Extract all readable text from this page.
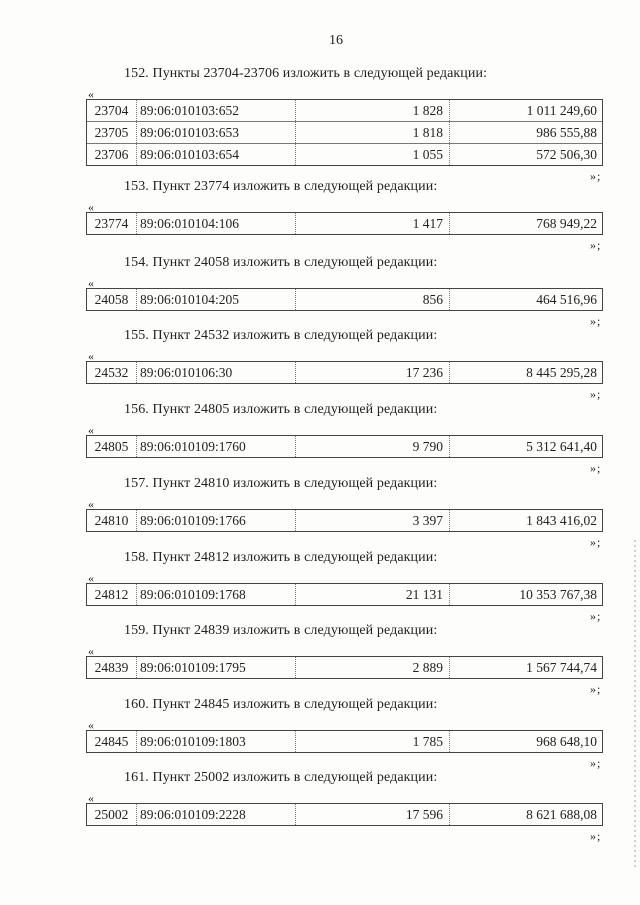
16
152. Пункты 23704-23706 изложить в следующей редакции:
«
23704 89:06:010103:652	1 828	1 011 249,60
23705 89:06:010103:653	1 818	986 555,88
23706 89:06:010103:654	1 055	572 506,30
»;
153. Пункт 23774 изложить в следующей редакции:
«
23774 89:06:010104:106	1 417	768 949,22
»;
154. Пункт 24058 изложить в следующей редакции:
«
24058 89:06:010104:205	856	464 516,96
»;
155. Пункт 24532 изложить в следующей редакции:
«
24532 89:06:010106:30	17 236	8 445 295,28
»;
156. Пункт 24805 изложить в следующей редакции:
«
24805 89:06:010109:1760	9 790	5 312 641,40
»;
157. Пункт 24810 изложить в следующей редакции:
«
24810 89:06:010109:1766	3 397	1 843 416,02
»;
158. Пункт 24812 изложить в следующей редакции:
«
24812 89:06:010109:1768	21 131	10 353 767,38
»;
159. Пункт 24839 изложить в следующей редакции:
«
24839 89:06:010109:1795	2 889	1 567 744,74
»;
160. Пункт 24845 изложить в следующей редакции:
«
24845 89:06:010109:1803	1 785	968 648,10
»;
161. Пункт 25002 изложить в следующей редакции:
«
25002 89:06:010109:2228	17 596	8 621 688,08
»;
